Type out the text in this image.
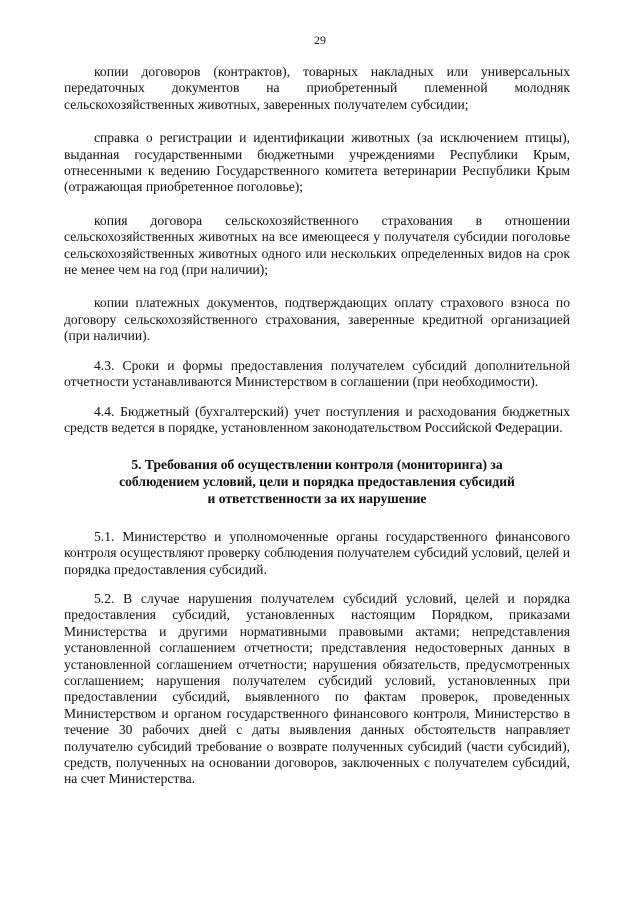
29

копии договоров (контрактов), товарных накладных или универсальных передаточных документов на приобретенный племенной молодняк сельскохозяйственных животных, заверенных получателем субсидии;

справка о регистрации и идентификации животных (за исключением птицы), выданная государственными бюджетными учреждениями Республики Крым, отнесенными к ведению Государственного комитета ветеринарии Республики Крым (отражающая приобретенное поголовье);

копия договора сельскохозяйственного страхования в отношении сельскохозяйственных животных на все имеющееся у получателя субсидии поголовье сельскохозяйственных животных одного или нескольких определенных видов на срок не менее чем на год (при наличии);

копии платежных документов, подтверждающих оплату страхового взноса по договору сельскохозяйственного страхования, заверенные кредитной организацией (при наличии).

4.3. Сроки и формы предоставления получателем субсидий дополнительной отчетности устанавливаются Министерством в соглашении (при необходимости).

4.4. Бюджетный (бухгалтерский) учет поступления и расходования бюджетных средств ведется в порядке, установленном законодательством Российской Федерации.

5. Требования об осуществлении контроля (мониторинга) за
соблюдением условий, цели и порядка предоставления субсидий
и ответственности за их нарушение

5.1. Министерство и уполномоченные органы государственного финансового контроля осуществляют проверку соблюдения получателем субсидий условий, целей и порядка предоставления субсидий.

5.2. В случае нарушения получателем субсидий условий, целей и порядка предоставления субсидий, установленных настоящим Порядком, приказами Министерства и другими нормативными правовыми актами; непредставления установленной соглашением отчетности; представления недостоверных данных в установленной соглашением отчетности; нарушения обязательств, предусмотренных соглашением; нарушения получателем субсидий условий, установленных при предоставлении субсидий, выявленного по фактам проверок, проведенных Министерством и органом государственного финансового контроля, Министерство в течение 30 рабочих дней с даты выявления данных обстоятельств направляет получателю субсидий требование о возврате полученных субсидий (части субсидий), средств, полученных на основании договоров, заключенных с получателем субсидий, на счет Министерства.
